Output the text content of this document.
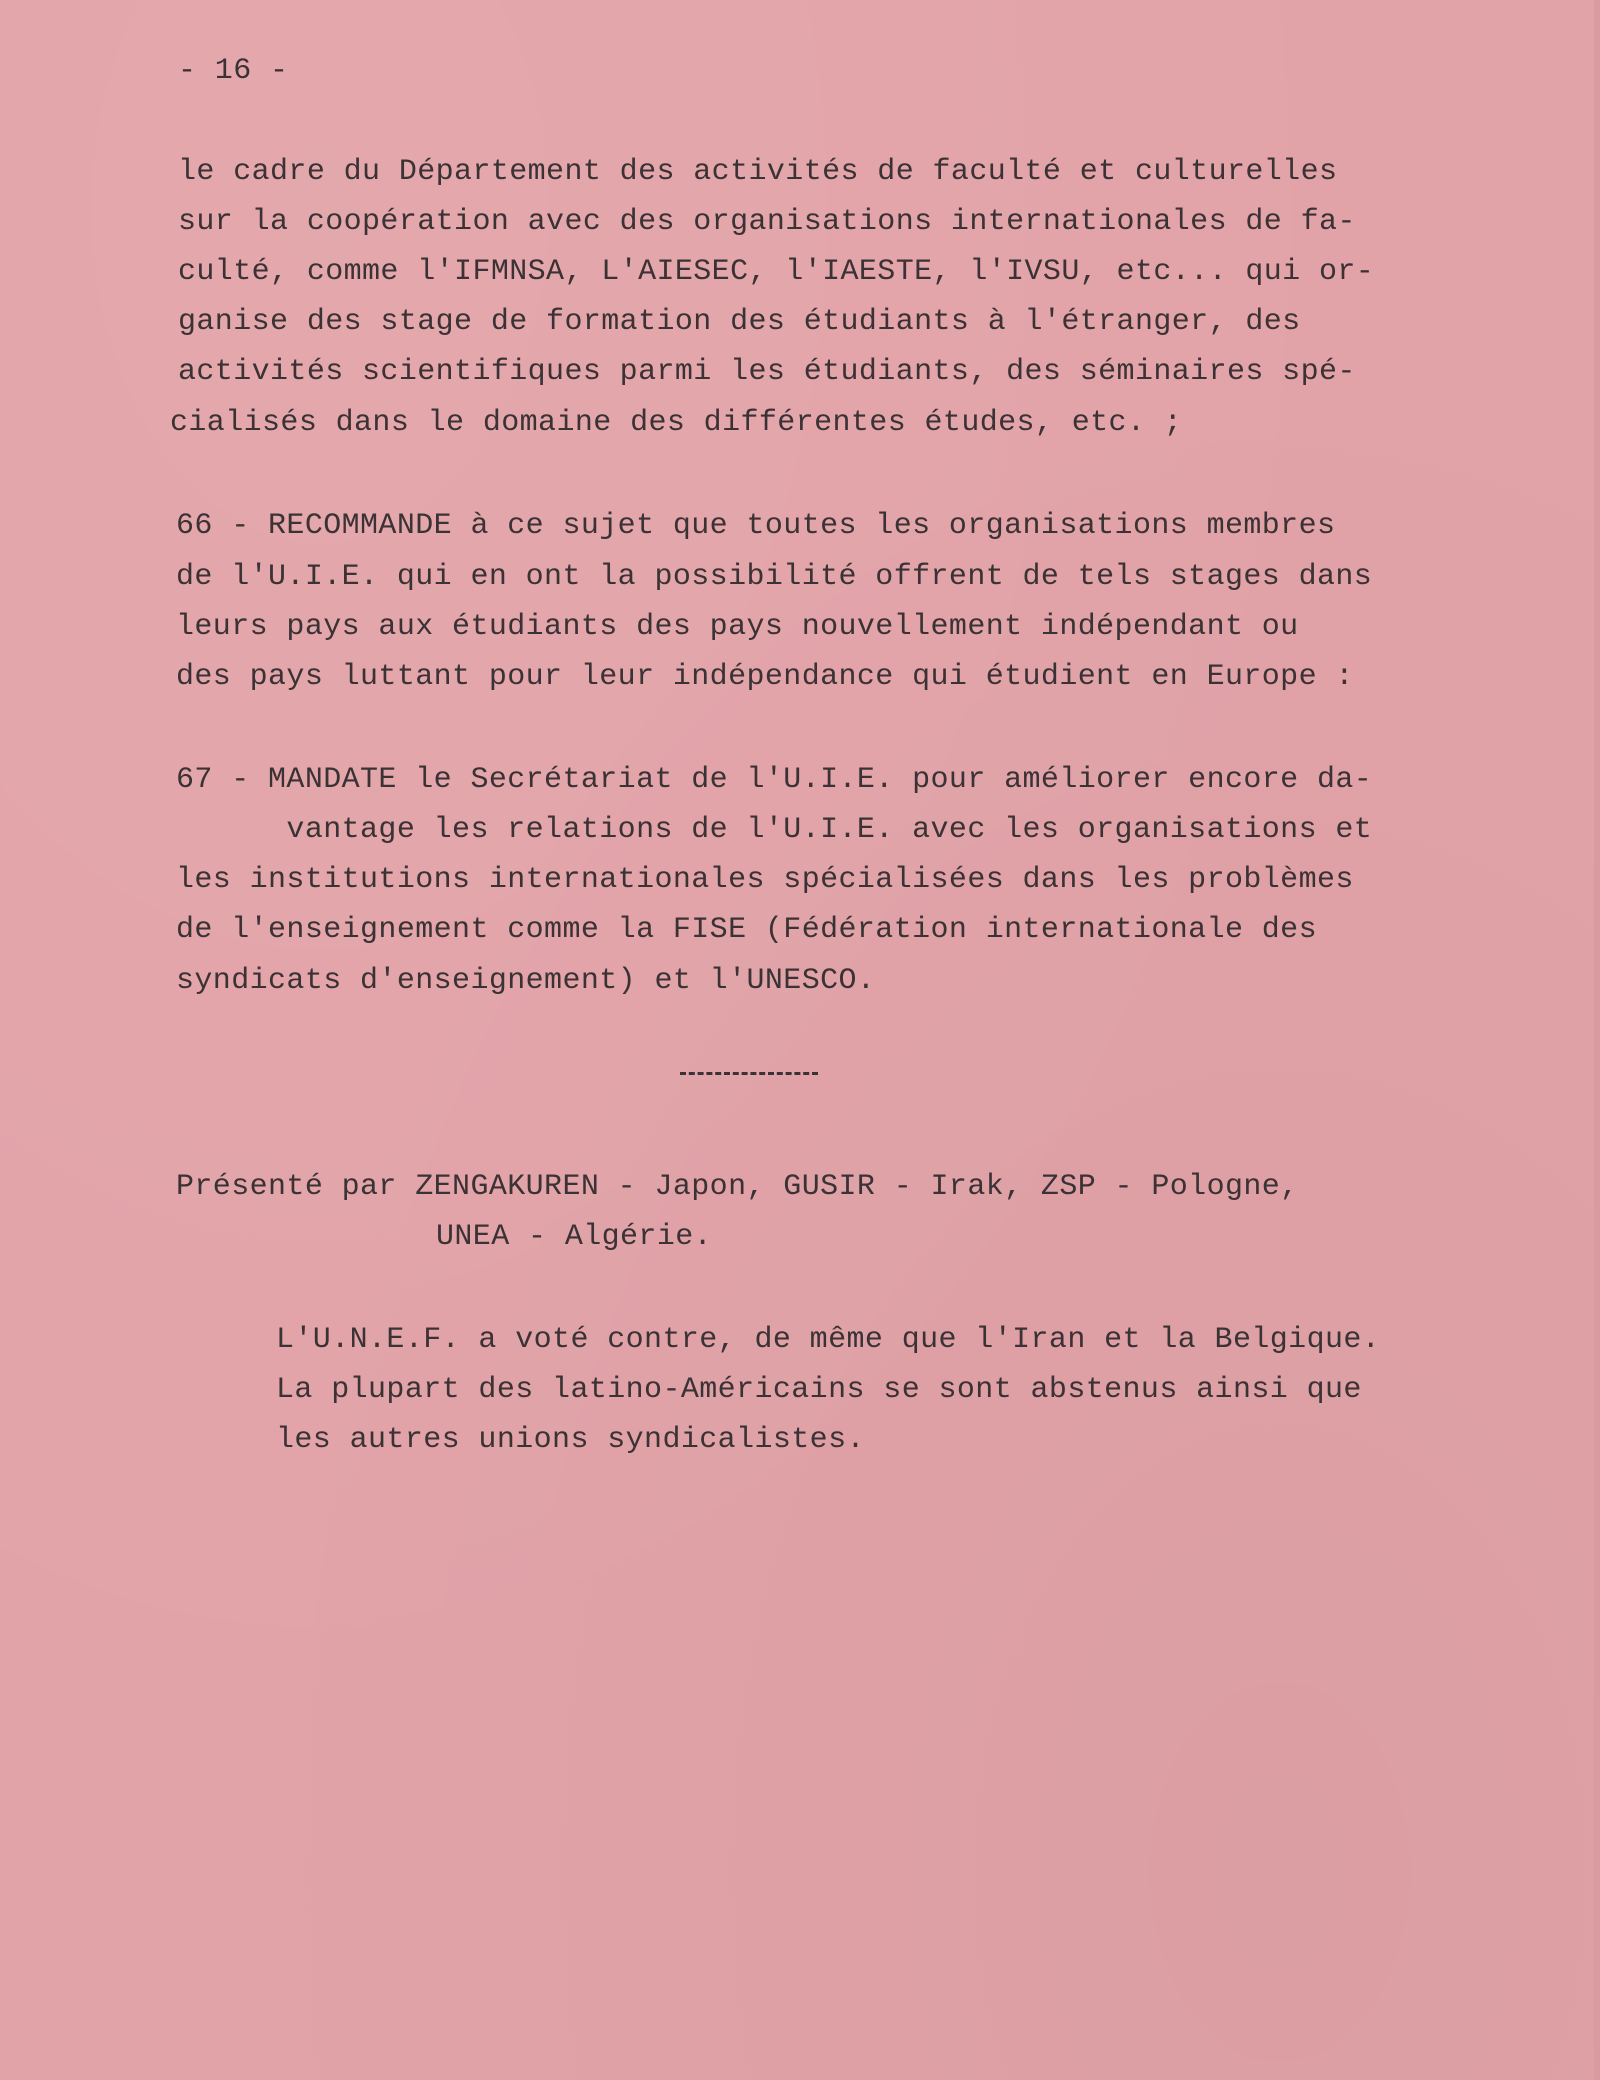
- 16 -

le cadre du Département des activités de faculté et culturelles

sur la coopération avec des organisations internationales de fa-

culté, comme l'IFMNSA, L'AIESEC, l'IAESTE, l'IVSU, etc... qui or-

ganise des stage de formation des étudiants à l'étranger, des

activités scientifiques parmi les étudiants, des séminaires spé-

cialisés dans le domaine des différentes études, etc. ;

66 - RECOMMANDE à ce sujet que toutes les organisations membres

de l'U.I.E. qui en ont la possibilité offrent de tels stages dans

leurs pays aux étudiants des pays nouvellement indépendant ou

des pays luttant pour leur indépendance qui étudient en Europe :

67 - MANDATE le Secrétariat de l'U.I.E. pour améliorer encore da-

vantage les relations de l'U.I.E. avec les organisations et

les institutions internationales spécialisées dans les problèmes

de l'enseignement comme la FISE (Fédération internationale des

syndicats d'enseignement) et l'UNESCO.

Présenté par ZENGAKUREN - Japon, GUSIR - Irak, ZSP - Pologne,

UNEA - Algérie.

L'U.N.E.F. a voté contre, de même que l'Iran et la Belgique.

La plupart des latino-Américains se sont abstenus ainsi que

les autres unions syndicalistes.
